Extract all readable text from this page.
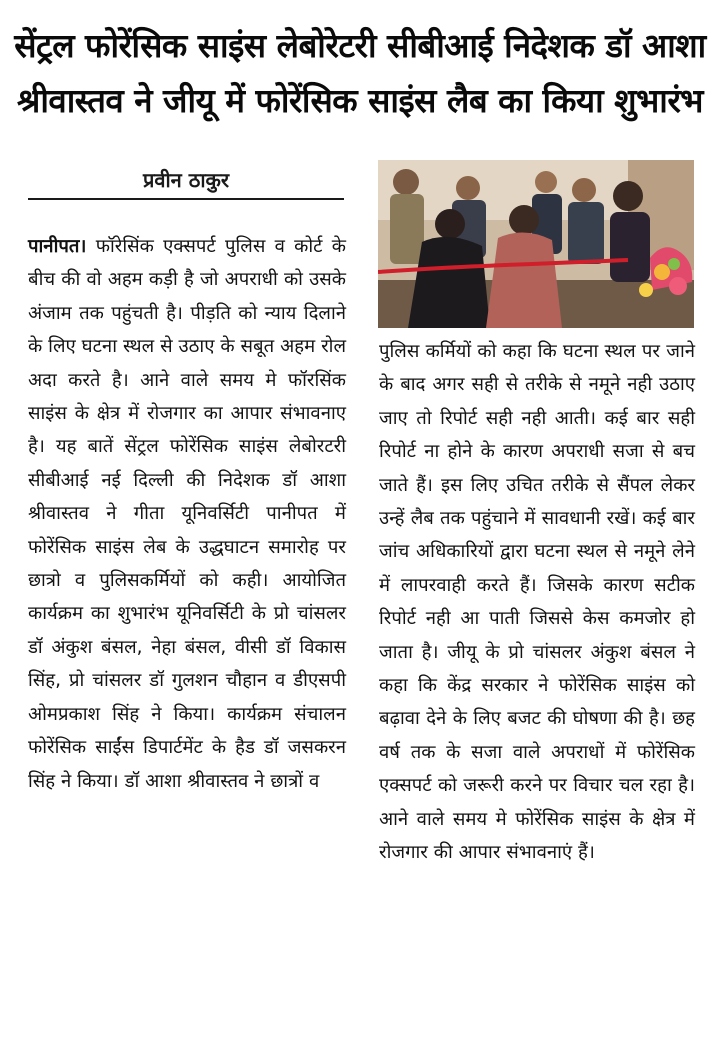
सेंट्रल फोरेंसिक साइंस लेबोरेटरी सीबीआई निदेशक डॉ आशा श्रीवास्तव ने जीयू में फोरेंसिक साइंस लैब का किया शुभारंभ
प्रवीन ठाकुर

पानीपत। फॉरेसिंक एक्सपर्ट पुलिस व कोर्ट के बीच की वो अहम कड़ी है जो अपराधी को उसके अंजाम तक पहुंचती है। पीड़ति को न्याय दिलाने के लिए घटना स्थल से उठाए के सबूत अहम रोल अदा करते है। आने वाले समय मे फॉरसिंक साइंस के क्षेत्र में रोजगार का आपार संभावनाए है। यह बातें सेंट्रल फोरेंसिक साइंस लेबोरटरी सीबीआई नई दिल्ली की निदेशक डॉ आशा श्रीवास्तव ने गीता यूनिवर्सिटी पानीपत में फोरेंसिक साइंस लेब के उद्धघाटन समारोह पर छात्रो व पुलिसकर्मियों को कही। आयोजित कार्यक्रम का शुभारंभ यूनिवर्सिटी के प्रो चांसलर डॉ अंकुश बंसल, नेहा बंसल, वीसी डॉ विकास सिंह, प्रो चांसलर डॉ गुलशन चौहान व डीएसपी ओमप्रकाश सिंह ने किया। कार्यक्रम संचालन फोरेंसिक साईंस डिपार्टमेंट के हैड डॉ जसकरन सिंह ने किया। डॉ आशा श्रीवास्तव ने छात्रों व

पुलिस कर्मियों को कहा कि घटना स्थल पर जाने के बाद अगर सही से तरीके से नमूने नही उठाए जाए तो रिपोर्ट सही नही आती। कई बार सही रिपोर्ट ना होने के कारण अपराधी सजा से बच जाते हैं। इस लिए उचित तरीके से सैंपल लेकर उन्हें लैब तक पहुंचाने में सावधानी रखें। कई बार जांच अधिकारियों द्वारा घटना स्थल से नमूने लेने में लापरवाही करते हैं। जिसके कारण सटीक रिपोर्ट नही आ पाती जिससे केस कमजोर हो जाता है। जीयू के प्रो चांसलर अंकुश बंसल ने कहा कि केंद्र सरकार ने फोरेंसिक साइंस को बढ़ावा देने के लिए बजट की घोषणा की है। छह वर्ष तक के सजा वाले अपराधों में फोरेंसिक एक्सपर्ट को जरूरी करने पर विचार चल रहा है। आने वाले समय मे फोरेंसिक साइंस के क्षेत्र में रोजगार की आपार संभावनाएं हैं।
